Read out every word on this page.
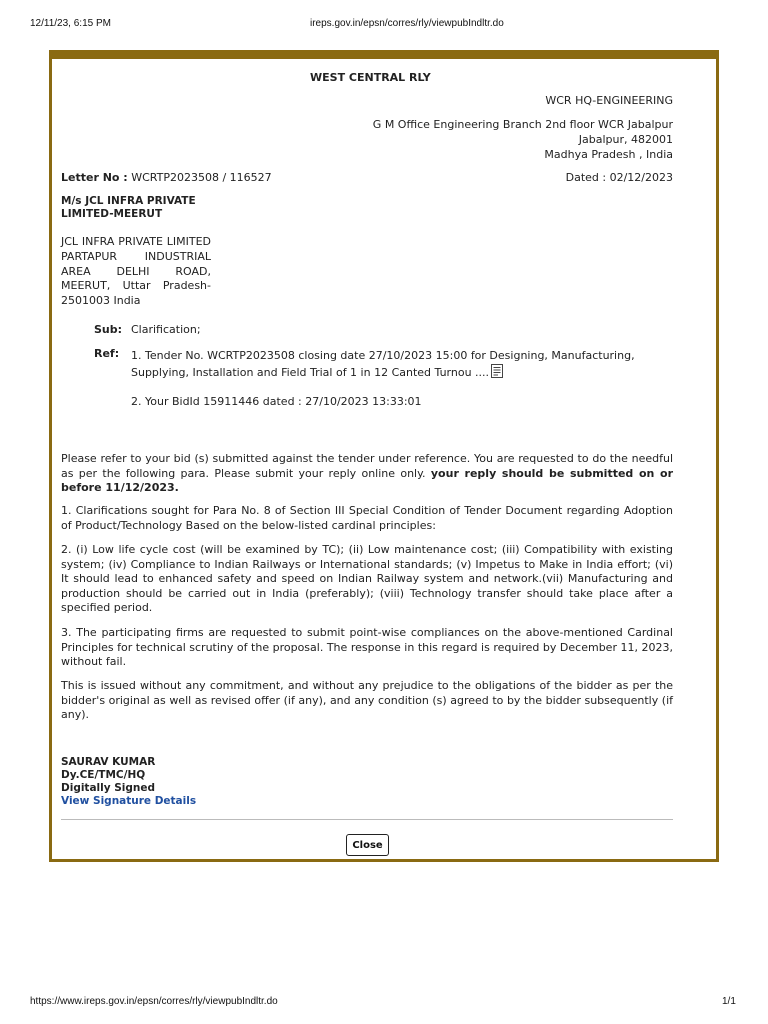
12/11/23, 6:15 PM	ireps.gov.in/epsn/corres/rly/viewpubIndltr.do
WEST CENTRAL RLY
WCR HQ-ENGINEERING
G M Office Engineering Branch 2nd floor WCR Jabalpur
Jabalpur, 482001
Madhya Pradesh , India
Letter No : WCRTP2023508 / 116527	Dated : 02/12/2023
M/s JCL INFRA PRIVATE
LIMITED-MEERUT
JCL INFRA PRIVATE LIMITED PARTAPUR INDUSTRIAL AREA DELHI ROAD, MEERUT, Uttar Pradesh-2501003 India
Sub: Clarification;
Ref: 1. Tender No. WCRTP2023508 closing date 27/10/2023 15:00 for Designing, Manufacturing,
Supplying, Installation and Field Trial of 1 in 12 Canted Turnou ....
2. Your BidId 15911446 dated : 27/10/2023 13:33:01
Please refer to your bid (s) submitted against the tender under reference. You are requested to do the needful as per the following para. Please submit your reply online only. your reply should be submitted on or before 11/12/2023.
1. Clarifications sought for Para No. 8 of Section III Special Condition of Tender Document regarding Adoption of Product/Technology Based on the below-listed cardinal principles:
2. (i) Low life cycle cost (will be examined by TC); (ii) Low maintenance cost; (iii) Compatibility with existing system; (iv) Compliance to Indian Railways or International standards; (v) Impetus to Make in India effort; (vi) It should lead to enhanced safety and speed on Indian Railway system and network.(vii) Manufacturing and production should be carried out in India (preferably); (viii) Technology transfer should take place after a specified period.
3. The participating firms are requested to submit point-wise compliances on the above-mentioned Cardinal Principles for technical scrutiny of the proposal. The response in this regard is required by December 11, 2023, without fail.
This is issued without any commitment, and without any prejudice to the obligations of the bidder as per the bidder's original as well as revised offer (if any), and any condition (s) agreed to by the bidder subsequently (if any).
SAURAV KUMAR
Dy.CE/TMC/HQ
Digitally Signed
View Signature Details
Close
https://www.ireps.gov.in/epsn/corres/rly/viewpubIndltr.do	1/1
